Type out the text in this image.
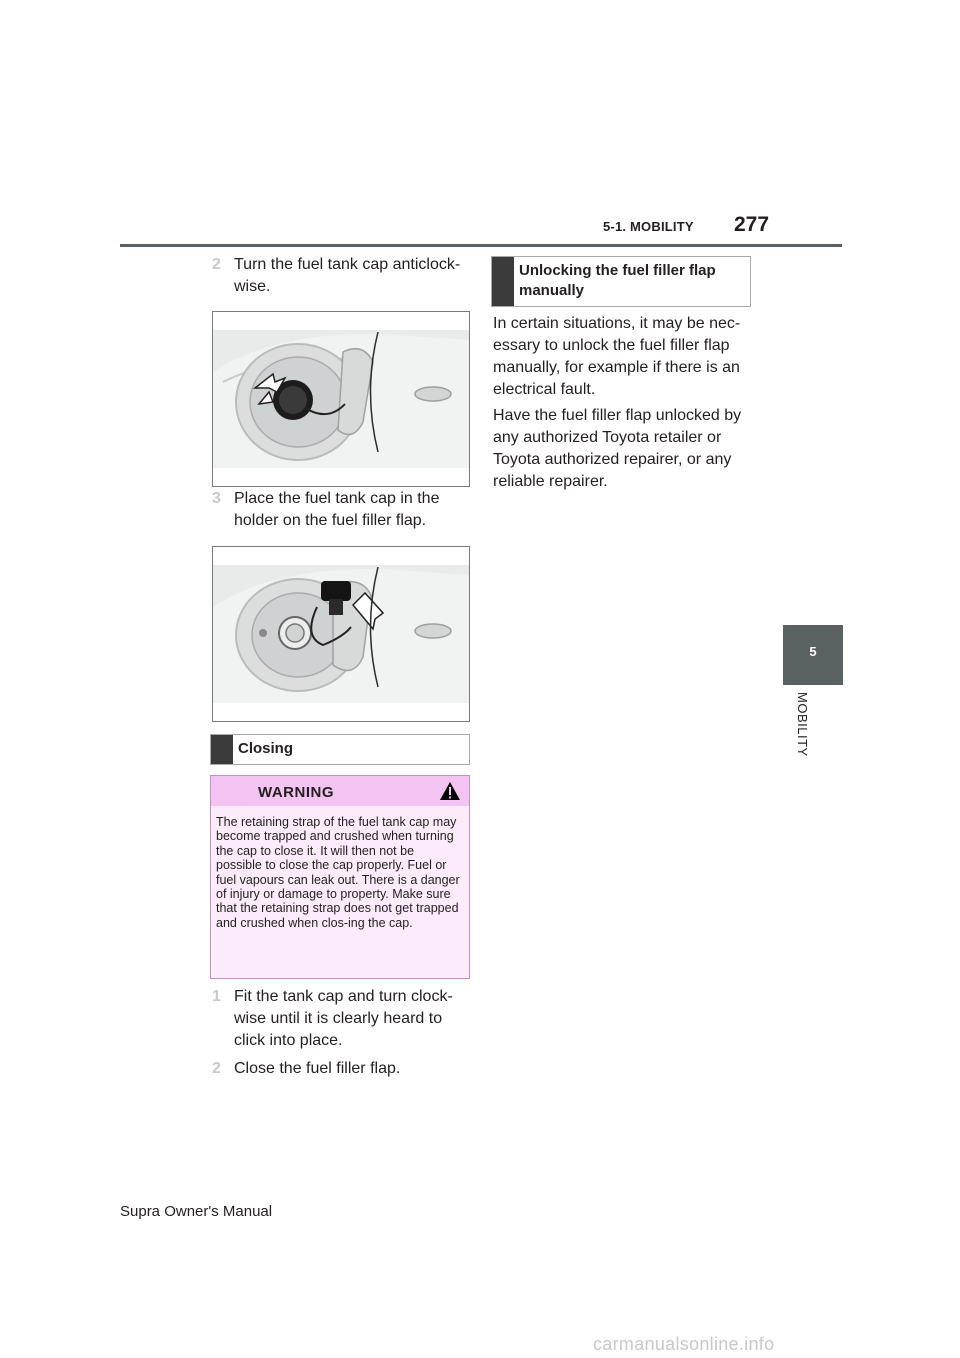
5-1. MOBILITY 277
5
MOBILITY
2 Turn the fuel tank cap anticlock-wise.
3 Place the fuel tank cap in the holder on the fuel filler flap.
Closing
WARNING
The retaining strap of the fuel tank cap may become trapped and crushed when turning the cap to close it. It will then not be possible to close the cap properly. Fuel or fuel vapours can leak out. There is a danger of injury or damage to property. Make sure that the retaining strap does not get trapped and crushed when clos-ing the cap.
1 Fit the tank cap and turn clock-wise until it is clearly heard to click into place.
2 Close the fuel filler flap.
Unlocking the fuel filler flap manually
In certain situations, it may be nec-essary to unlock the fuel filler flap manually, for example if there is an electrical fault.
Have the fuel filler flap unlocked by any authorized Toyota retailer or Toyota authorized repairer, or any reliable repairer.
Supra Owner's Manual
carmanualsonline.info
